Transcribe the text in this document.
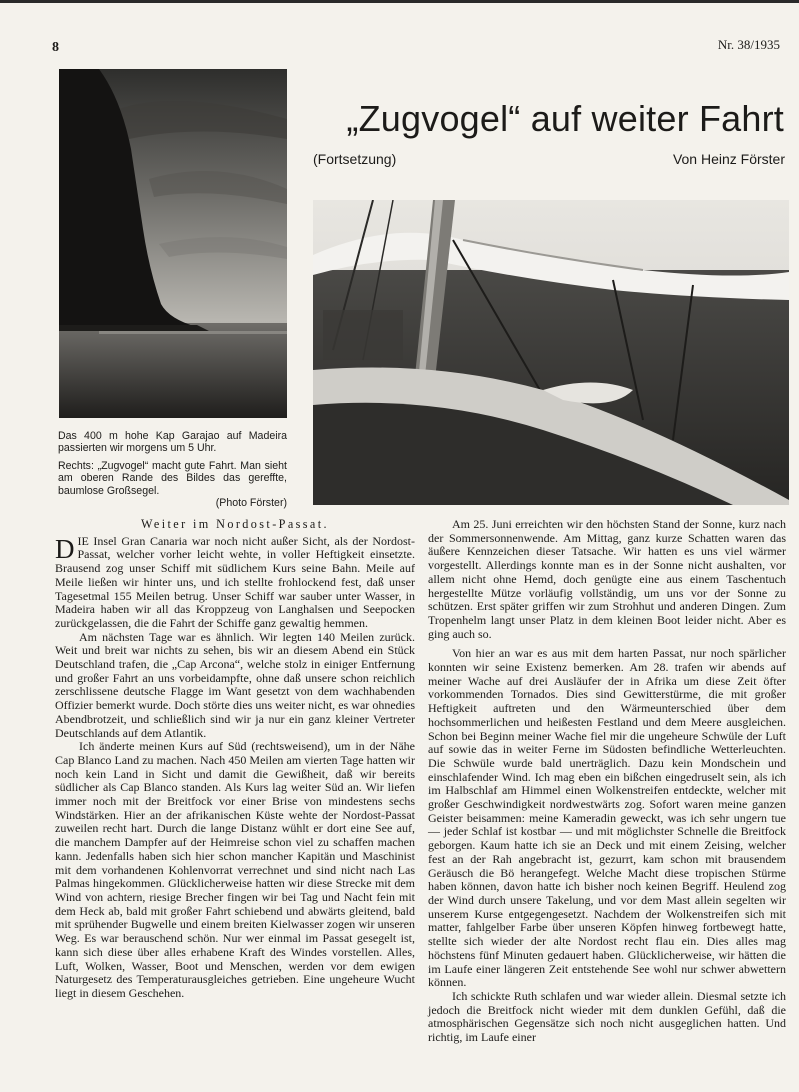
8	Nr. 38/1935
„Zugvogel“ auf weiter Fahrt
(Fortsetzung)	Von Heinz Förster
Das 400 m hohe Kap Garajao auf Madeira passierten wir morgens um 5 Uhr.
Rechts: „Zugvogel“ macht gute Fahrt. Man sieht am oberen Rande des Bildes das gereffte, baumlose Großsegel.
(Photo Förster)
Weiter im Nordost-Passat.

DIE Insel Gran Canaria war noch nicht außer Sicht, als der Nordost-Passat, welcher vorher leicht wehte, in voller Heftigkeit einsetzte. Brausend zog unser Schiff mit südlichem Kurs seine Bahn. Meile auf Meile ließen wir hinter uns, und ich stellte frohlockend fest, daß unser Tagesetmal 155 Meilen betrug. Unser Schiff war sauber unter Wasser, in Madeira haben wir all das Kroppzeug von Langhalsen und Seepocken zurückgelassen, die die Fahrt der Schiffe ganz gewaltig hemmen.

Am nächsten Tage war es ähnlich. Wir legten 140 Meilen zurück. Weit und breit war nichts zu sehen, bis wir an diesem Abend ein Stück Deutschland trafen, die „Cap Arcona“, welche stolz in einiger Entfernung und großer Fahrt an uns vorbeidampfte, ohne daß unsere schon reichlich zerschlissene deutsche Flagge im Want gesetzt von dem wachhabenden Offizier bemerkt wurde. Doch störte dies uns weiter nicht, es war ohnedies Abendbrotzeit, und schließlich sind wir ja nur ein ganz kleiner Vertreter Deutschlands auf dem Atlantik.

Ich änderte meinen Kurs auf Süd (rechtsweisend), um in der Nähe Cap Blanco Land zu machen. Nach 450 Meilen am vierten Tage hatten wir noch kein Land in Sicht und damit die Gewißheit, daß wir bereits südlicher als Cap Blanco standen. Als Kurs lag weiter Süd an. Wir liefen immer noch mit der Breitfock vor einer Brise von mindestens sechs Windstärken. Hier an der afrikanischen Küste wehte der Nordost-Passat zuweilen recht hart. Durch die lange Distanz wühlt er dort eine See auf, die manchem Dampfer auf der Heimreise schon viel zu schaffen machen kann. Jedenfalls haben sich hier schon mancher Kapitän und Maschinist mit dem vorhandenen Kohlenvorrat verrechnet und sind nicht nach Las Palmas hingekommen. Glücklicherweise hatten wir diese Strecke mit dem Wind von achtern, riesige Brecher fingen wir bei Tag und Nacht fein mit dem Heck ab, bald mit großer Fahrt schiebend und abwärts gleitend, bald mit sprühender Bugwelle und einem breiten Kielwasser zogen wir unseren Weg. Es war berauschend schön. Nur wer einmal im Passat gesegelt ist, kann sich diese über alles erhabene Kraft des Windes vorstellen. Alles, Luft, Wolken, Wasser, Boot und Menschen, werden vor dem ewigen Naturgesetz des Temperaturausgleiches getrieben. Eine ungeheure Wucht liegt in diesem Geschehen.

Am 25. Juni erreichten wir den höchsten Stand der Sonne, kurz nach der Sommersonnenwende. Am Mittag, ganz kurze Schatten waren das äußere Kennzeichen dieser Tatsache. Wir hatten es uns viel wärmer vorgestellt. Allerdings konnte man es in der Sonne nicht aushalten, vor allem nicht ohne Hemd, doch genügte eine aus einem Taschentuch hergestellte Mütze vorläufig vollständig, um uns vor der Sonne zu schützen. Erst später griffen wir zum Strohhut und anderen Dingen. Zum Tropenhelm langt unser Platz in dem kleinen Boot leider nicht. Aber es ging auch so.

Von hier an war es aus mit dem harten Passat, nur noch spärlicher konnten wir seine Existenz bemerken. Am 28. trafen wir abends auf meiner Wache auf drei Ausläufer der in Afrika um diese Zeit öfter vorkommenden Tornados. Dies sind Gewitterstürme, die mit großer Heftigkeit auftreten und den Wärmeunterschied über dem hochsommerlichen und heißesten Festland und dem Meere ausgleichen. Schon bei Beginn meiner Wache fiel mir die ungeheure Schwüle der Luft auf sowie das in weiter Ferne im Südosten befindliche Wetterleuchten. Die Schwüle wurde bald unerträglich. Dazu kein Mondschein und einschlafender Wind. Ich mag eben ein bißchen eingedruselt sein, als ich im Halbschlaf am Himmel einen Wolkenstreifen entdeckte, welcher mit großer Geschwindigkeit nordwestwärts zog. Sofort waren meine ganzen Geister beisammen: meine Kameradin geweckt, was ich sehr ungern tue — jeder Schlaf ist kostbar — und mit möglichster Schnelle die Breitfock geborgen. Kaum hatte ich sie an Deck und mit einem Zeising, welcher fest an der Rah angebracht ist, gezurrt, kam schon mit brausendem Geräusch die Bö herangefegt. Welche Macht diese tropischen Stürme haben können, davon hatte ich bisher noch keinen Begriff. Heulend zog der Wind durch unsere Takelung, und vor dem Mast allein segelten wir unserem Kurse entgegengesetzt. Nachdem der Wolkenstreifen sich mit matter, fahlgelber Farbe über unseren Köpfen hinweg fortbewegt hatte, stellte sich wieder der alte Nordost recht flau ein. Dies alles mag höchstens fünf Minuten gedauert haben. Glücklicherweise, wir hätten die im Laufe einer längeren Zeit entstehende See wohl nur schwer abwettern können.

Ich schickte Ruth schlafen und war wieder allein. Diesmal setzte ich jedoch die Breitfock nicht wieder mit dem dunklen Gefühl, daß die atmosphärischen Gegensätze sich noch nicht ausgeglichen hatten. Und richtig, im Laufe einer
